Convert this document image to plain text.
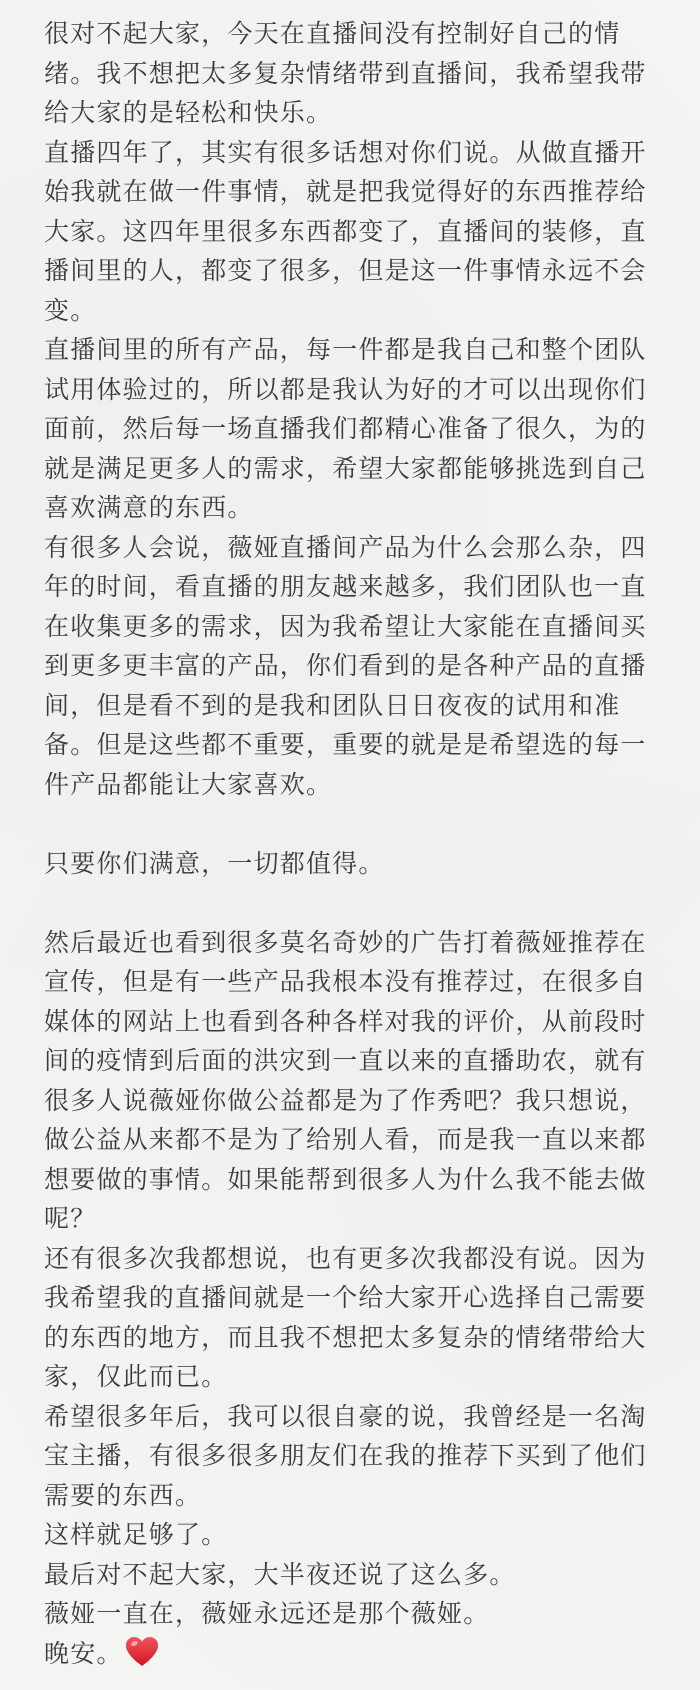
很对不起大家，今天在直播间没有控制好自己的情绪。我不想把太多复杂情绪带到直播间，我希望我带给大家的是轻松和快乐。

直播四年了，其实有很多话想对你们说。从做直播开始我就在做一件事情，就是把我觉得好的东西推荐给大家。这四年里很多东西都变了，直播间的装修，直播间里的人，都变了很多，但是这一件事情永远不会变。

直播间里的所有产品，每一件都是我自己和整个团队试用体验过的，所以都是我认为好的才可以出现你们面前，然后每一场直播我们都精心准备了很久，为的就是满足更多人的需求，希望大家都能够挑选到自己喜欢满意的东西。

有很多人会说，薇娅直播间产品为什么会那么杂，四年的时间，看直播的朋友越来越多，我们团队也一直在收集更多的需求，因为我希望让大家能在直播间买到更多更丰富的产品，你们看到的是各种产品的直播间，但是看不到的是我和团队日日夜夜的试用和准备。但是这些都不重要，重要的就是是希望选的每一件产品都能让大家喜欢。

只要你们满意，一切都值得。

然后最近也看到很多莫名奇妙的广告打着薇娅推荐在宣传，但是有一些产品我根本没有推荐过，在很多自媒体的网站上也看到各种各样对我的评价，从前段时间的疫情到后面的洪灾到一直以来的直播助农，就有很多人说薇娅你做公益都是为了作秀吧？我只想说，做公益从来都不是为了给别人看，而是我一直以来都想要做的事情。如果能帮到很多人为什么我不能去做呢？

还有很多次我都想说，也有更多次我都没有说。因为我希望我的直播间就是一个给大家开心选择自己需要的东西的地方，而且我不想把太多复杂的情绪带给大家，仅此而已。

希望很多年后，我可以很自豪的说，我曾经是一名淘宝主播，有很多很多朋友们在我的推荐下买到了他们需要的东西。

这样就足够了。

最后对不起大家，大半夜还说了这么多。

薇娅一直在，薇娅永远还是那个薇娅。

晚安。
